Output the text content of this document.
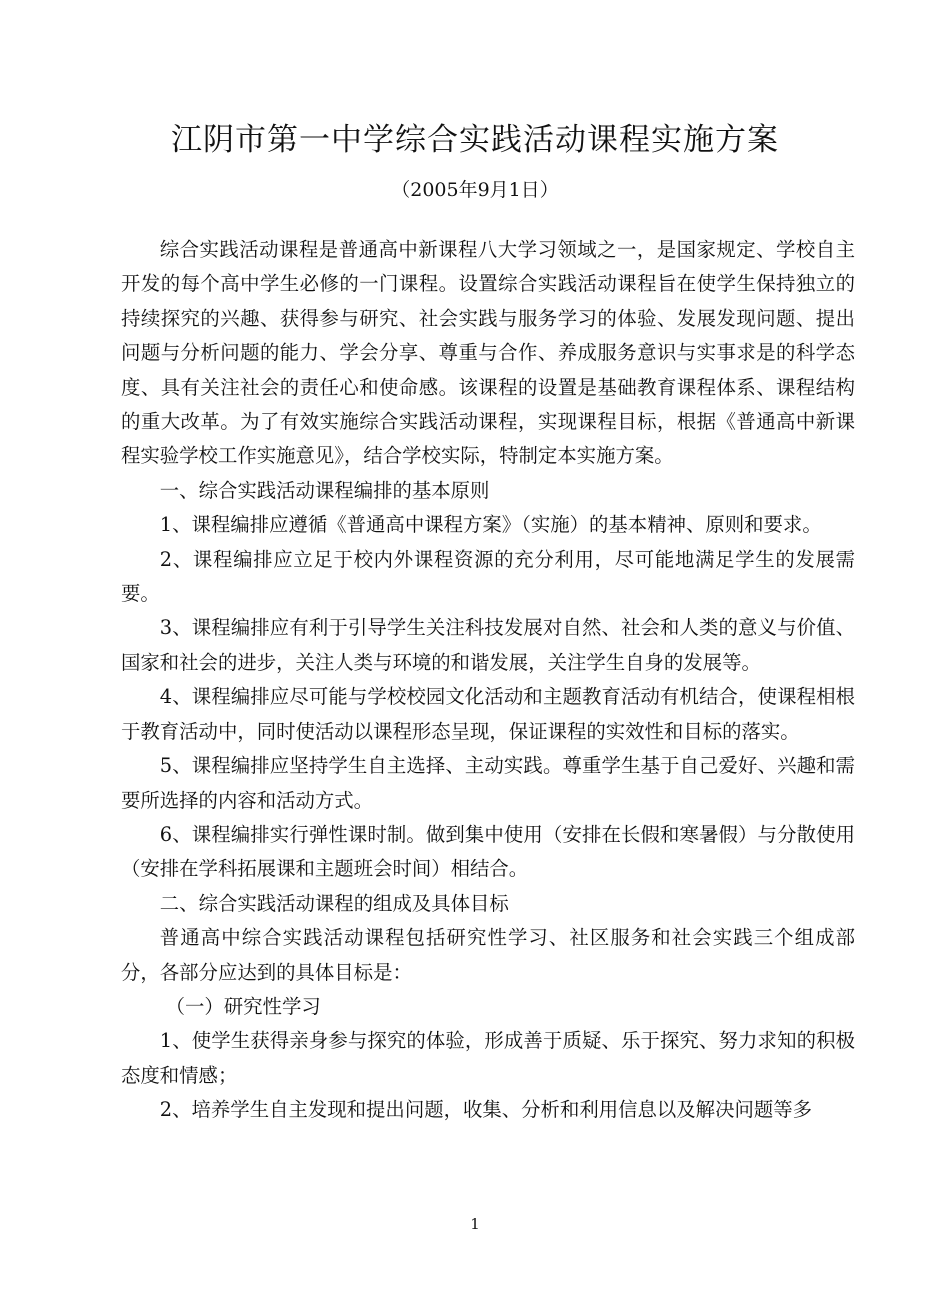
江阴市第一中学综合实践活动课程实施方案
（2005年9月1日）

综合实践活动课程是普通高中新课程八大学习领域之一，是国家规定、学校自主开发的每个高中学生必修的一门课程。设置综合实践活动课程旨在使学生保持独立的持续探究的兴趣、获得参与研究、社会实践与服务学习的体验、发展发现问题、提出问题与分析问题的能力、学会分享、尊重与合作、养成服务意识与实事求是的科学态度、具有关注社会的责任心和使命感。该课程的设置是基础教育课程体系、课程结构的重大改革。为了有效实施综合实践活动课程，实现课程目标，根据《普通高中新课程实验学校工作实施意见》，结合学校实际，特制定本实施方案。

一、综合实践活动课程编排的基本原则

1、课程编排应遵循《普通高中课程方案》（实施）的基本精神、原则和要求。

2、课程编排应立足于校内外课程资源的充分利用，尽可能地满足学生的发展需要。

3、课程编排应有利于引导学生关注科技发展对自然、社会和人类的意义与价值、国家和社会的进步，关注人类与环境的和谐发展，关注学生自身的发展等。

4、课程编排应尽可能与学校校园文化活动和主题教育活动有机结合，使课程相根于教育活动中，同时使活动以课程形态呈现，保证课程的实效性和目标的落实。

5、课程编排应坚持学生自主选择、主动实践。尊重学生基于自己爱好、兴趣和需要所选择的内容和活动方式。

6、课程编排实行弹性课时制。做到集中使用（安排在长假和寒暑假）与分散使用（安排在学科拓展课和主题班会时间）相结合。

二、综合实践活动课程的组成及具体目标

普通高中综合实践活动课程包括研究性学习、社区服务和社会实践三个组成部分，各部分应达到的具体目标是：

（一）研究性学习

1、使学生获得亲身参与探究的体验，形成善于质疑、乐于探究、努力求知的积极态度和情感；

2、培养学生自主发现和提出问题，收集、分析和利用信息以及解决问题等多

1
